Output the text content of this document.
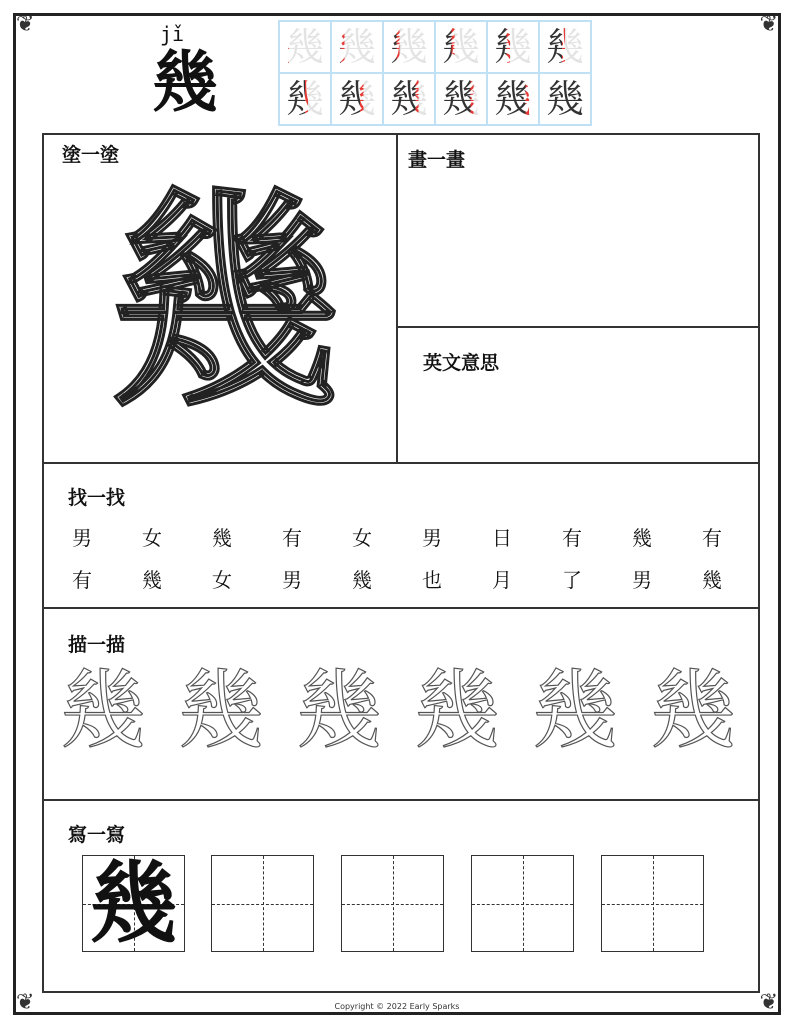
❦	❦
❦	❦
jǐ
幾 幾 幾 幾 幾 幾 幾
幾 幾 幾 幾 幾 幾
塗一塗
幾
畫一畫
英文意思
找一找
男	女	幾	有	女	男	日	有	幾	有
有	幾	女	男	幾	也	月	了	男	幾
描一描
幾 幾 幾 幾 幾 幾
寫一寫
幾
Copyright © 2022 Early Sparks
